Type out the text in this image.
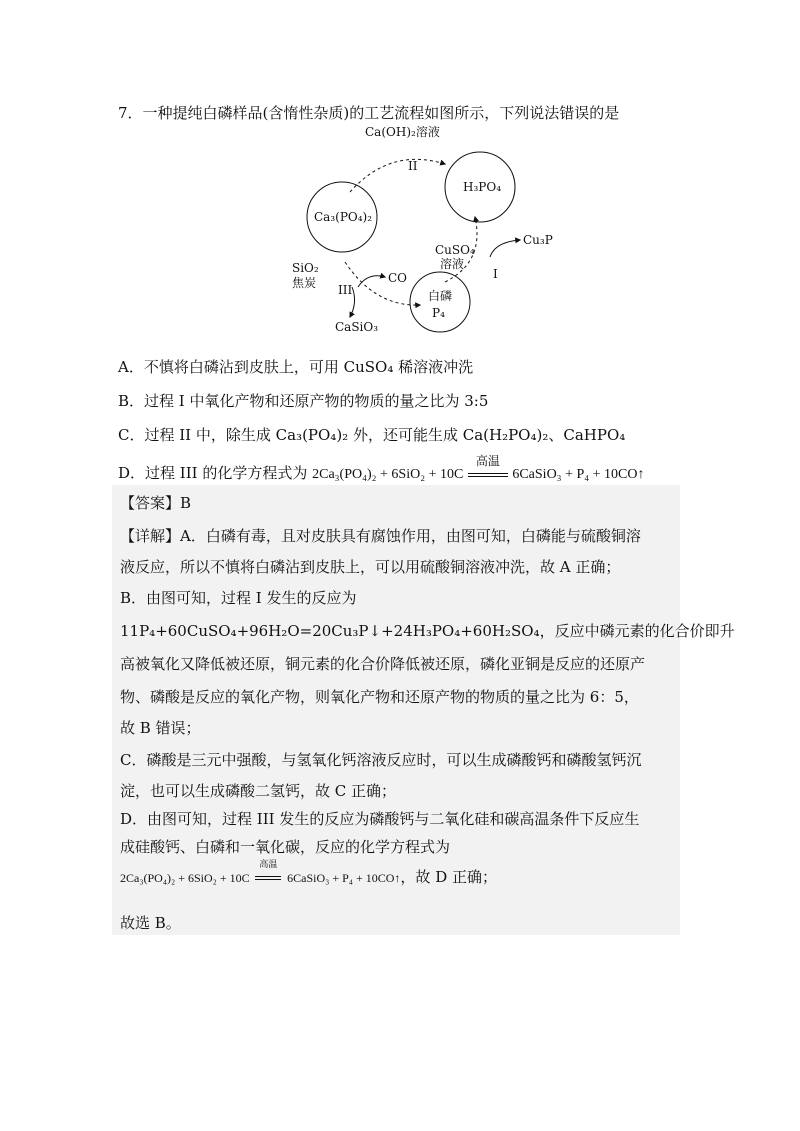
7．一种提纯白磷样品(含惰性杂质)的工艺流程如图所示，下列说法错误的是
Ca(OH)₂溶液
II
H₃PO₄
Ca₃(PO₄)₂
Cu₃P
CuSO₄
溶液
I
SiO₂
焦炭	CO
III	白磷
P₄
CaSiO₃
A．不慎将白磷沾到皮肤上，可用 CuSO₄ 稀溶液冲洗
B．过程 I 中氧化产物和还原产物的物质的量之比为 3:5
C．过程 II 中，除生成 Ca₃(PO₄)₂ 外，还可能生成 Ca(H₂PO₄)₂、CaHPO₄
D．过程 III 的化学方程式为 2Ca₃(PO₄)₂ + 6SiO₂ + 10C
高温
6CaSiO₃ + P₄ + 10CO↑
【答案】B
【详解】A．白磷有毒，且对皮肤具有腐蚀作用，由图可知，白磷能与硫酸铜溶
液反应，所以不慎将白磷沾到皮肤上，可以用硫酸铜溶液冲洗，故 A 正确；
B．由图可知，过程 I 发生的反应为
11P₄+60CuSO₄+96H₂O=20Cu₃P↓+24H₃PO₄+60H₂SO₄，反应中磷元素的化合价即升
高被氧化又降低被还原，铜元素的化合价降低被还原，磷化亚铜是反应的还原产
物、磷酸是反应的氧化产物，则氧化产物和还原产物的物质的量之比为 6：5，
故 B 错误；
C．磷酸是三元中强酸，与氢氧化钙溶液反应时，可以生成磷酸钙和磷酸氢钙沉
淀，也可以生成磷酸二氢钙，故 C 正确；
D．由图可知，过程 III 发生的反应为磷酸钙与二氧化硅和碳高温条件下反应生
成硅酸钙、白磷和一氧化碳，反应的化学方程式为
2Ca₃(PO₄)₂ + 6SiO₂ + 10C
高温
6CaSiO₃ + P₄ + 10CO↑，故 D 正确；
故选 B。
